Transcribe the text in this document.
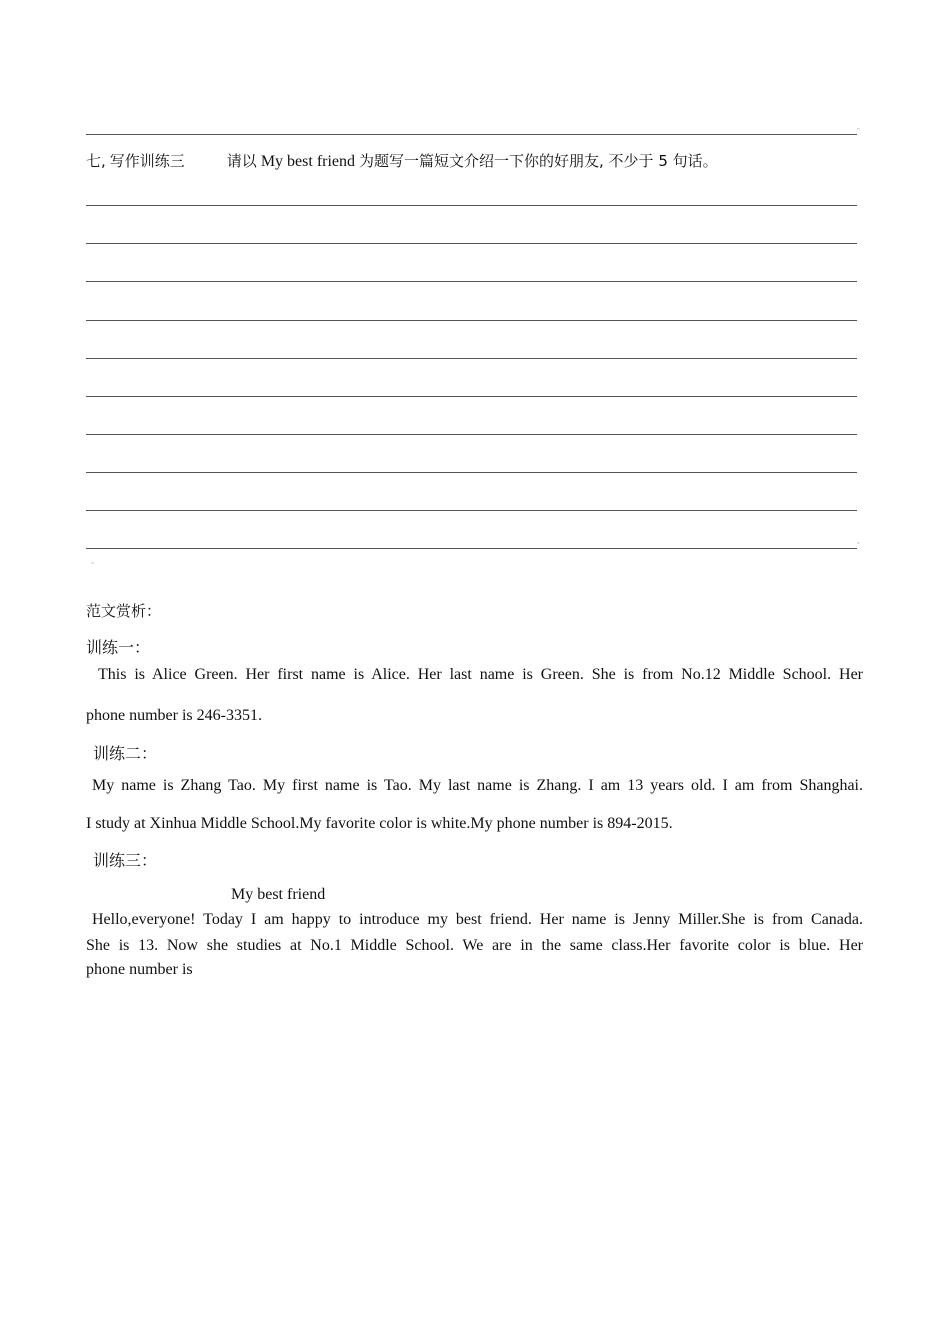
▫
七, 写作训练三	请以 My best friend 为题写一篇短文介绍一下你的好朋友, 不少于 5 句话。
▫
▫
范文赏析：
训练一：
This is Alice Green. Her first name is Alice. Her last name is Green. She is from No.12 Middle School. Her
phone number is 246-3351.
训练二：
My name is Zhang Tao. My first name is Tao. My last name is Zhang. I am 13 years old. I am from Shanghai.
I study at Xinhua Middle School.My favorite color is white.My phone number is 894-2015.
训练三：
My best friend
Hello,everyone! Today I am happy to introduce my best friend. Her name is Jenny Miller.She is from Canada.
She is 13. Now she studies at No.1 Middle School. We are in the same class.Her favorite color is blue. Her
phone number is
